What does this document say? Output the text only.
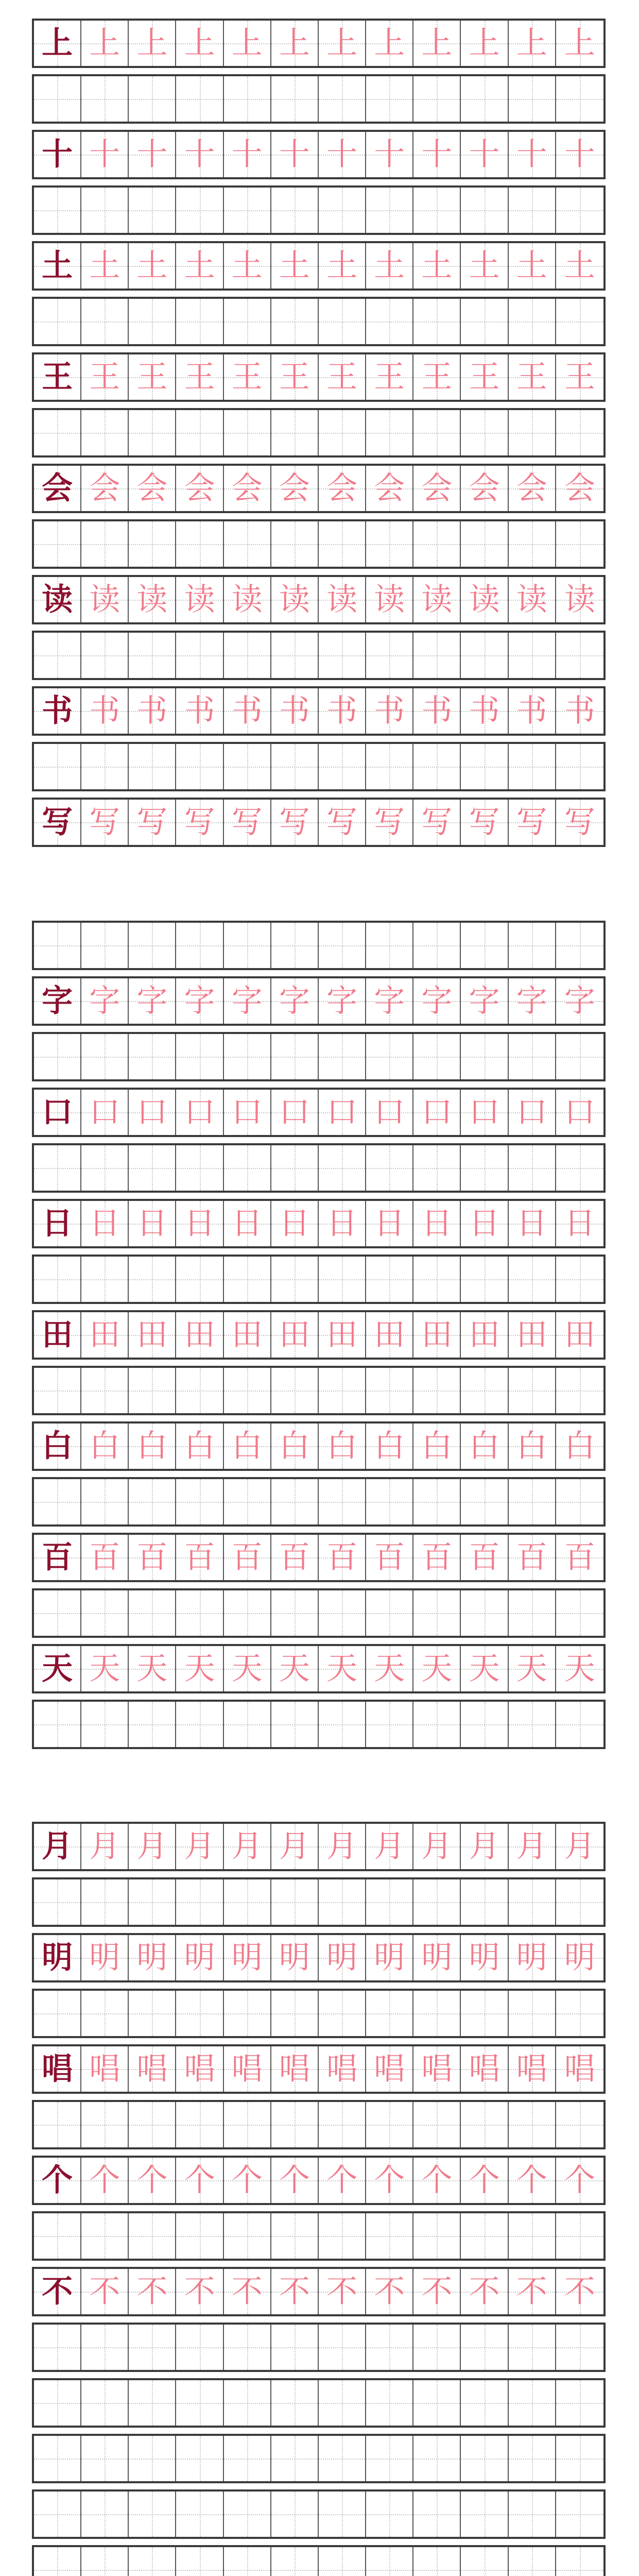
上 上 上 上 上 上 上 上 上 上 上 上
十 十 十 十 十 十 十 十 十 十 十 十
土 土 土 土 土 土 土 土 土 土 土 土
王 王 王 王 王 王 王 王 王 王 王 王
会 会 会 会 会 会 会 会 会 会 会 会
读 读 读 读 读 读 读 读 读 读 读 读
书 书 书 书 书 书 书 书 书 书 书 书
写 写 写 写 写 写 写 写 写 写 写 写
字 字 字 字 字 字 字 字 字 字 字 字
口 口 口 口 口 口 口 口 口 口 口 口
日 日 日 日 日 日 日 日 日 日 日 日
田 田 田 田 田 田 田 田 田 田 田 田
白 白 白 白 白 白 白 白 白 白 白 白
百 百 百 百 百 百 百 百 百 百 百 百
天 天 天 天 天 天 天 天 天 天 天 天
月 月 月 月 月 月 月 月 月 月 月 月
明 明 明 明 明 明 明 明 明 明 明 明
唱 唱 唱 唱 唱 唱 唱 唱 唱 唱 唱 唱
个 个 个 个 个 个 个 个 个 个 个 个
不 不 不 不 不 不 不 不 不 不 不 不
